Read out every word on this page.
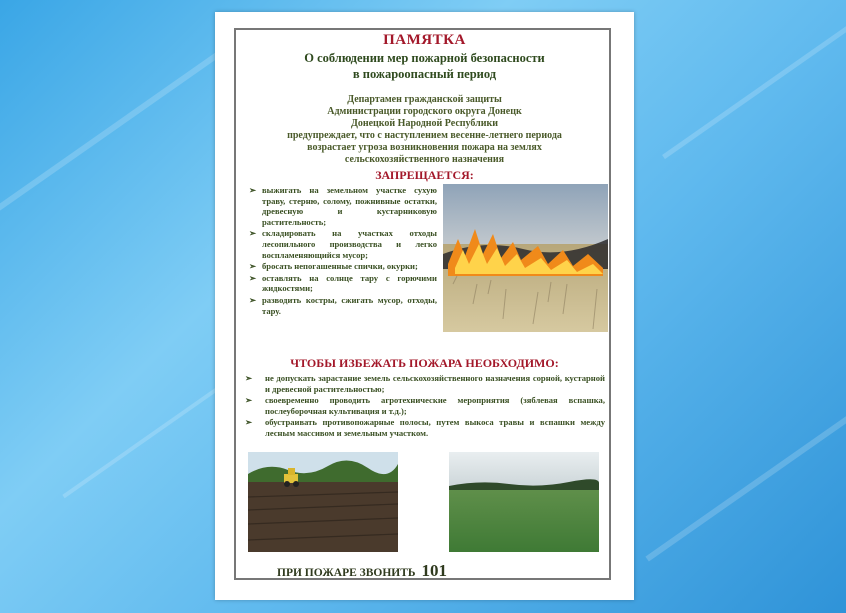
ПАМЯТКА
О соблюдении мер пожарной безопасности
в пожароопасный период
Департамен гражданской защиты
Администрации городского округа Донецк
Донецкой Народной Республики
предупреждает, что с наступлением весенне-летнего периода
возрастает угроза возникновения пожара на землях
сельскохозяйственного назначения
ЗАПРЕЩАЕТСЯ:
➢ выжигать на земельном участке сухую траву, стерню, солому, пожнивные остатки, древесную и кустарниковую растительность;
➢ складировать на участках отходы лесопильного производства и легко воспламеняющийся мусор;
➢ бросать непогашенные спички, окурки;
➢ оставлять на солнце тару с горючими жидкостями;
➢ разводить костры, сжигать мусор, отходы, тару.
ЧТОБЫ ИЗБЕЖАТЬ ПОЖАРА НЕОБХОДИМО:
➢ не допускать зарастание земель сельскохозяйственного назначения сорной, кустарной и древесной растительностью;
➢ своевременно проводить агротехнические мероприятия (зяблевая вспашка, послеуборочная культивация и т.д.);
➢ обустраивать противопожарные полосы, путем выкоса травы и вспашки между лесным массивом и земельным участком.
ПРИ ПОЖАРЕ ЗВОНИТЬ 101
